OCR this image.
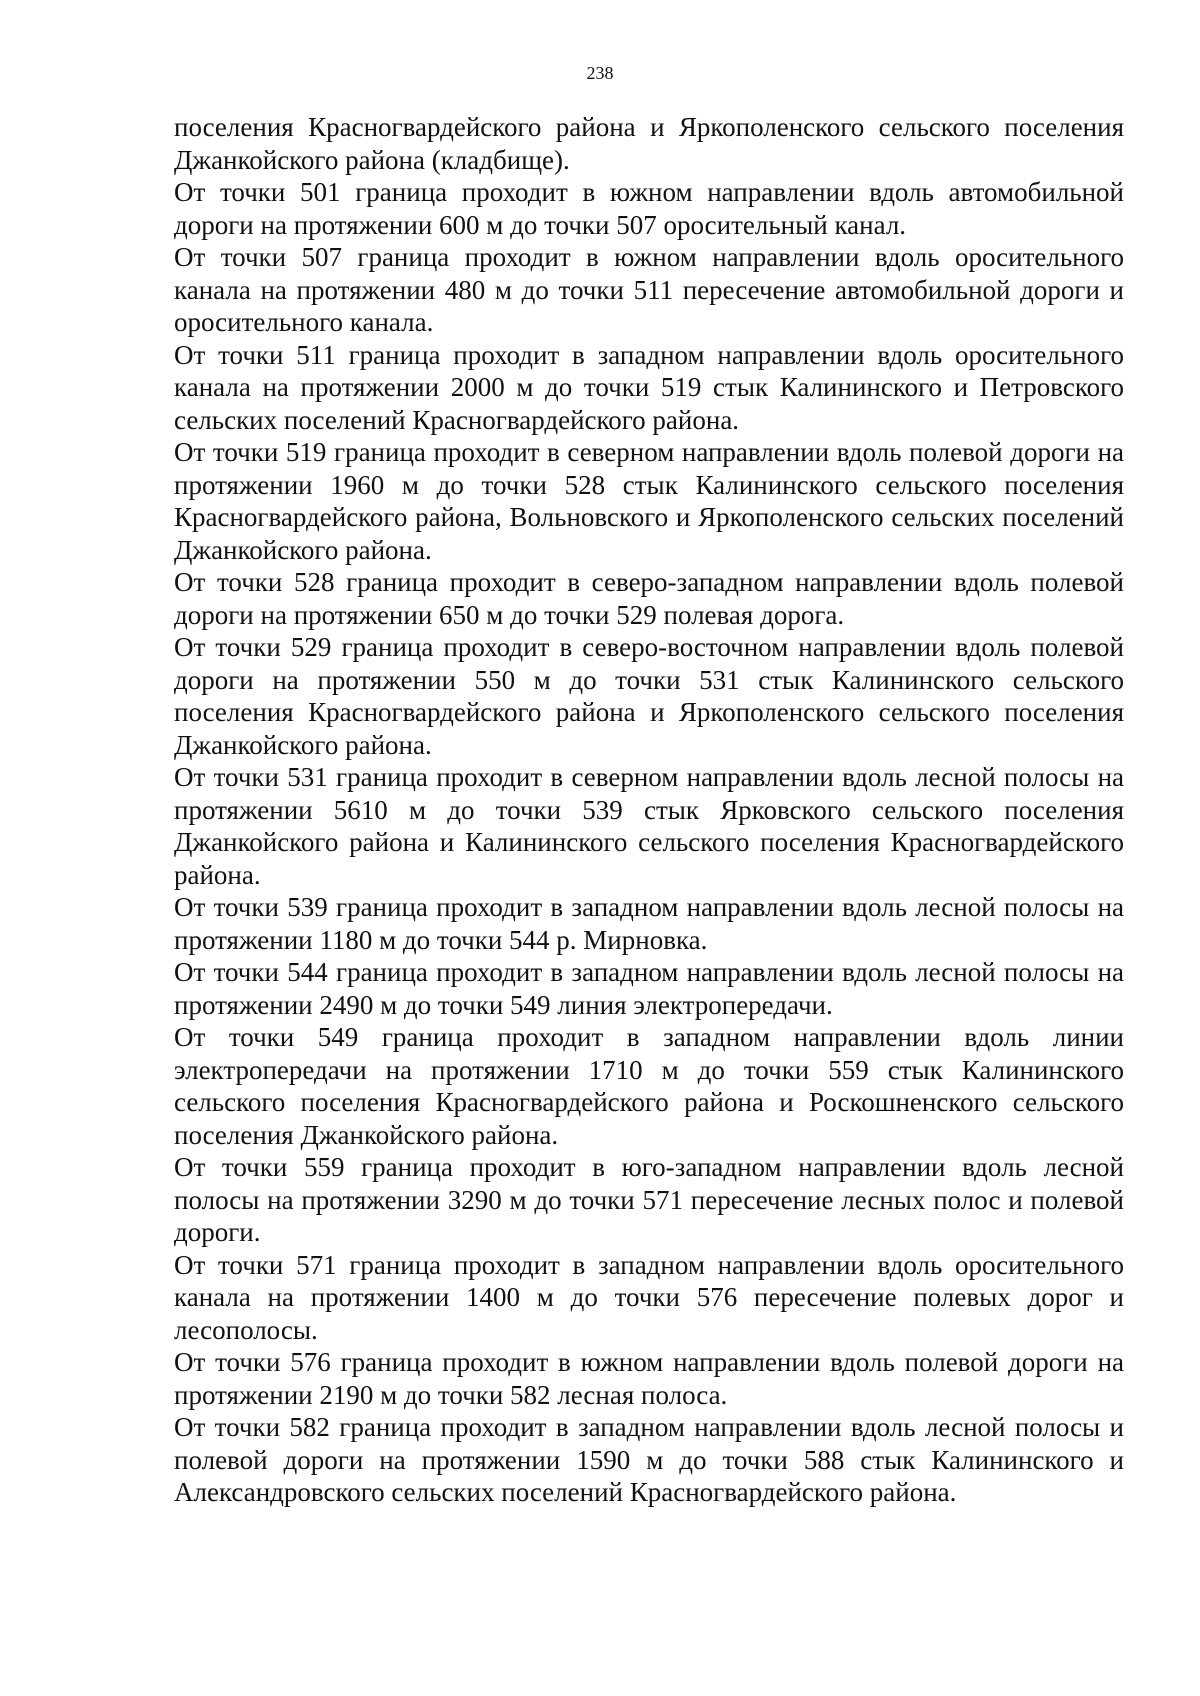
238

поселения Красногвардейского района и Яркополенского сельского поселения Джанкойского района (кладбище).

От точки 501 граница проходит в южном направлении вдоль автомобильной дороги на протяжении 600 м до точки 507 оросительный канал.

От точки 507 граница проходит в южном направлении вдоль оросительного канала на протяжении 480 м до точки 511 пересечение автомобильной дороги и оросительного канала.

От точки 511 граница проходит в западном направлении вдоль оросительного канала на протяжении 2000 м до точки 519 стык Калининского и Петровского сельских поселений Красногвардейского района.

От точки 519 граница проходит в северном направлении вдоль полевой дороги на протяжении 1960 м до точки 528 стык Калининского сельского поселения Красногвардейского района, Вольновского и Яркополенского сельских поселений Джанкойского района.

От точки 528 граница проходит в северо-западном направлении вдоль полевой дороги на протяжении 650 м до точки 529 полевая дорога.

От точки 529 граница проходит в северо-восточном направлении вдоль полевой дороги на протяжении 550 м до точки 531 стык Калининского сельского поселения Красногвардейского района и Яркополенского сельского поселения Джанкойского района.

От точки 531 граница проходит в северном направлении вдоль лесной полосы на протяжении 5610 м до точки 539 стык Ярковского сельского поселения Джанкойского района и Калининского сельского поселения Красногвардейского района.

От точки 539 граница проходит в западном направлении вдоль лесной полосы на протяжении 1180 м до точки 544 р. Мирновка.

От точки 544 граница проходит в западном направлении вдоль лесной полосы на протяжении 2490 м до точки 549 линия электропередачи.

От точки 549 граница проходит в западном направлении вдоль линии электропередачи на протяжении 1710 м до точки 559 стык Калининского сельского поселения Красногвардейского района и Роскошненского сельского поселения Джанкойского района.

От точки 559 граница проходит в юго-западном направлении вдоль лесной полосы на протяжении 3290 м до точки 571 пересечение лесных полос и полевой дороги.

От точки 571 граница проходит в западном направлении вдоль оросительного канала на протяжении 1400 м до точки 576 пересечение полевых дорог и лесополосы.

От точки 576 граница проходит в южном направлении вдоль полевой дороги на протяжении 2190 м до точки 582 лесная полоса.

От точки 582 граница проходит в западном направлении вдоль лесной полосы и полевой дороги на протяжении 1590 м до точки 588 стык Калининского и Александровского сельских поселений Красногвардейского района.
